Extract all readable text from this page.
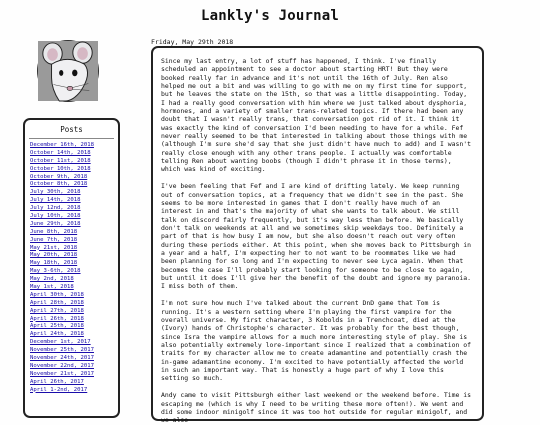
Lankly's Journal
Posts
December 16th, 2018
October 14th, 2018
October 11st, 2018
October 10th, 2018
October 9th, 2018
October 8th, 2018
July 30th, 2018
July 14th, 2018
July 12nd, 2018
July 10th, 2018
June 29th, 2018
June 8th, 2018
June 7th, 2018
May 21st, 2018
May 20th, 2018
May 18th, 2018
May 3-6th, 2018
May 2nd, 2018
May 1st, 2018
April 30th, 2018
April 28th, 2018
April 27th, 2018
April 26th, 2018
April 25th, 2018
April 24th, 2018
December 1st, 2017
November 25th, 2017
November 24th, 2017
November 22nd, 2017
November 21st, 2017
April 26th, 2017
April 1-2nd, 2017
Friday, May 29th 2018

Since my last entry, a lot of stuff has happened, I think. I've finally scheduled an appointment to see a doctor about starting HRT! But they were booked really far in advance and it's not until the 16th of July. Ren also helped me out a bit and was willing to go with me on my first time for support, but he leaves the state on the 15th, so that was a little disappointing. Today, I had a really good conversation with him where we just talked about dysphoria, hormones, and a variety of smaller trans-related topics. If there had been any doubt that I wasn't really trans, that conversation got rid of it. I think it was exactly the kind of conversation I'd been needing to have for a while. Fef never really seemed to be that interested in talking about those things with me (although I'm sure she'd say that she just didn't have much to add) and I wasn't really close enough with any other trans people. I actually was comfortable telling Ren about wanting boobs (though I didn't phrase it in those terms), which was kind of exciting.

I've been feeling that Fef and I are kind of drifting lately. We keep running out of conversation topics, at a frequency that we didn't see in the past. She seems to be more interested in games that I don't really have much of an interest in and that's the majority of what she wants to talk about. We still talk on discord fairly frequently, but it's way less than before. We basically don't talk on weekends at all and we sometimes skip weekdays too. Definitely a part of that is how busy I am now, but she also doesn't reach out very often during these periods either. At this point, when she moves back to Pittsburgh in a year and a half, I'm expecting her to not want to be roommates like we had been planning for so long and I'm expecting to never see Lyca again. When that becomes the case I'll probably start looking for someone to be close to again, but until it does I'll give her the benefit of the doubt and ignore my paranoia. I miss both of them.

I'm not sure how much I've talked about the current DnD game that Tom is running. It's a western setting where I'm playing the first vampire for the overall universe. My first character, 3 Kobolds in a Trenchcoat, died at the (Ivory) hands of Christophe's character. It was probably for the best though, since Isra the vampire allows for a much more interesting style of play. She is also potentially extremely lore-important since I realized that a combination of traits for my character allow me to create adamantine and potentially crash the in-game adamantine economy. I'm excited to have potentially affected the world in such an important way. That is honestly a huge part of why I love this setting so much.

Andy came to visit Pittsburgh either last weekend or the weekend before. Time is escaping me (which is why I need to be writing these more often!). We went and did some indoor minigolf since it was too hot outside for regular minigolf, and we also
